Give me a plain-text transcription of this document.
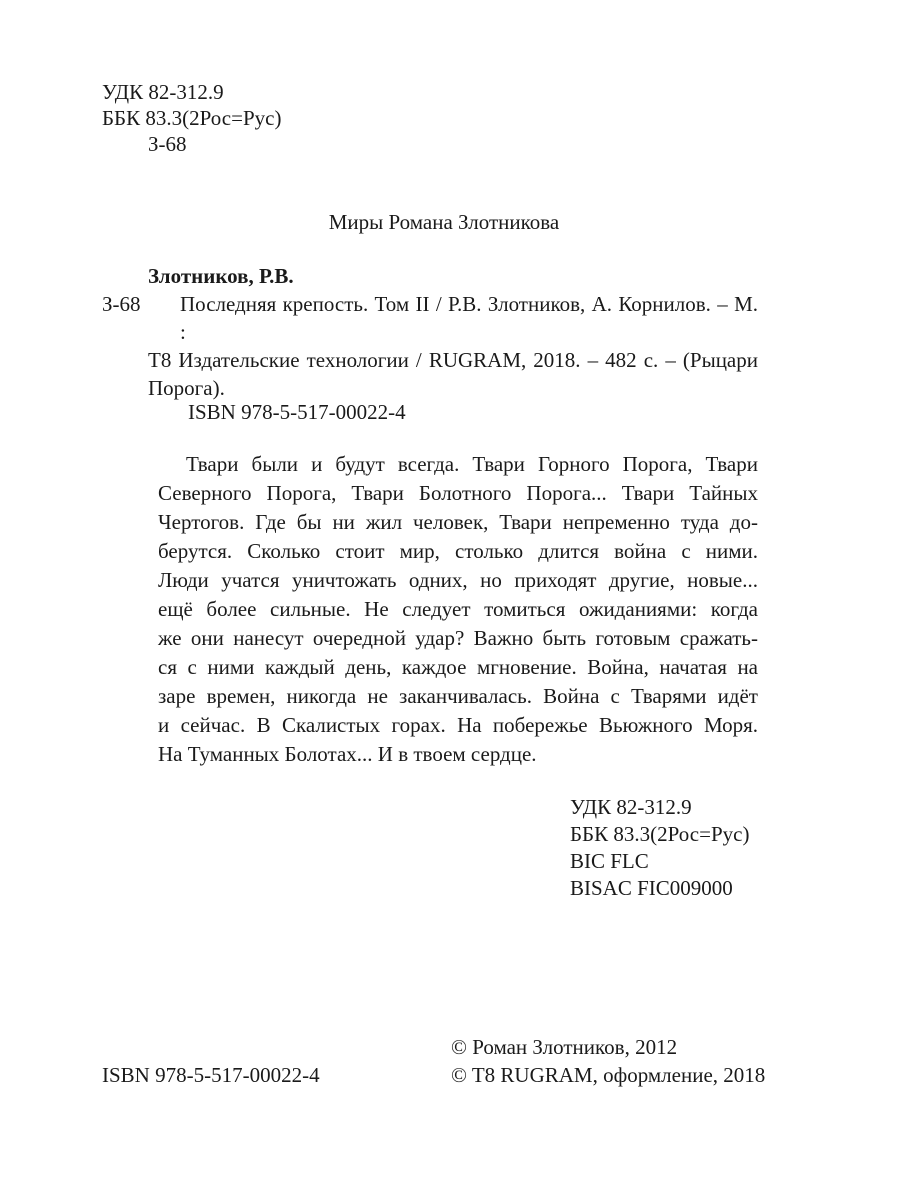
УДК 82-312.9
ББК 83.3(2Рос=Рус)
З-68
Миры Романа Злотникова
Злотников, Р.В.
З-68 Последняя крепость. Том II / Р.В. Злотников, А. Корнилов. – М. :
Т8 Издательские технологии / RUGRAM, 2018. – 482 с. – (Рыцари
Порога).
ISBN 978-5-517-00022-4
Твари были и будут всегда. Твари Горного Порога, Твари
Северного Порога, Твари Болотного Порога... Твари Тайных
Чертогов. Где бы ни жил человек, Твари непременно туда до-
берутся. Сколько стоит мир, столько длится война с ними.
Люди учатся уничтожать одних, но приходят другие, новые...
ещё более сильные. Не следует томиться ожиданиями: когда
же они нанесут очередной удар? Важно быть готовым сражать-
ся с ними каждый день, каждое мгновение. Война, начатая на
заре времен, никогда не заканчивалась. Война с Тварями идёт
и сейчас. В Скалистых горах. На побережье Вьюжного Моря.
На Туманных Болотах... И в твоем сердце.
УДК 82-312.9
ББК 83.3(2Рос=Рус)
BIC FLC
BISAC FIC009000
© Роман Злотников, 2012
ISBN 978-5-517-00022-4	© T8 RUGRAM, оформление, 2018
